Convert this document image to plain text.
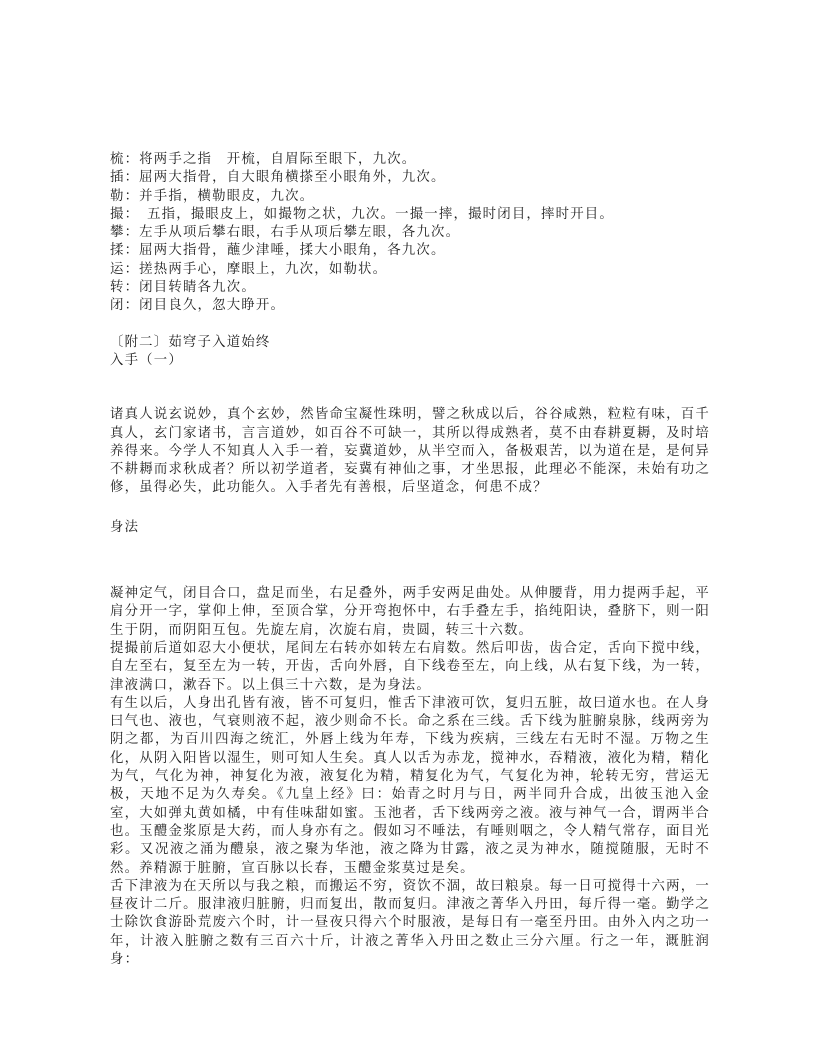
梳：将两手之指　开梳，自眉际至眼下，九次。
插：屈两大指骨，自大眼角横搽至小眼角外，九次。
勒：并手指，横勒眼皮，九次。
撮：　五指，撮眼皮上，如撮物之状，九次。一撮一摔，撮时闭目，摔时开目。
攀：左手从项后攀右眼，右手从项后攀左眼，各九次。
揉：屈两大指骨，蘸少津唾，揉大小眼角，各九次。
运：搓热两手心，摩眼上，九次，如勒状。
转：闭目转睛各九次。
闭：闭目良久，忽大睁开。
〔附二〕茹穹子入道始终
入手（一）

诸真人说玄说妙，真个玄妙，然皆命宝凝性珠明，譬之秋成以后，谷谷咸熟，粒粒有味，百千真人，玄门家诸书，言言道妙，如百谷不可缺一，其所以得成熟者，莫不由春耕夏耨，及时培养得来。今学人不知真人入手一着，妄冀道妙，从半空而入，备极艰苦，以为道在是，是何异不耕耨而求秋成者？所以初学道者，妄冀有神仙之事，才坐思报，此理必不能深，未始有功之修，虽得必失，此功能久。入手者先有善根，后坚道念，何患不成？

身法

凝神定气，闭目合口，盘足而坐，右足叠外，两手安两足曲处。从伸腰背，用力提两手起，平肩分开一字，掌仰上伸，至顶合掌，分开弯抱怀中，右手叠左手，掐纯阳诀，叠脐下，则一阳生于阴，而阴阳互包。先旋左肩，次旋右肩，贵圆，转三十六数。

提撮前后道如忍大小便状，尾间左右转亦如转左右肩数。然后叩齿，齿合定，舌向下搅中线，自左至右，复至左为一转，开齿，舌向外唇，自下线卷至左，向上线，从右复下线，为一转，津液满口，漱吞下。以上俱三十六数，是为身法。

有生以后，人身出孔皆有液，皆不可复归，惟舌下津液可饮，复归五脏，故曰道水也。在人身曰气也、液也，气衰则液不起，液少则命不长。命之系在三线。舌下线为脏腑泉脉，线两旁为阴之都，为百川四海之统汇，外唇上线为年寿，下线为疾病，三线左右无时不湿。万物之生化，从阴入阳皆以湿生，则可知人生矣。真人以舌为赤龙，搅神水，吞精液，液化为精，精化为气，气化为神，神复化为液，液复化为精，精复化为气，气复化为神，轮转无穷，营运无极，天地不足为久寿矣。《九皇上经》曰：始青之时月与日，两半同升合成，出彼玉池入金室，大如弹丸黄如橘，中有佳味甜如蜜。玉池者，舌下线两旁之液。液与神气一合，谓两半合也。玉醴金浆原是大药，而人身亦有之。假如习不唾法，有唾则咽之，令人精气常存，面目光彩。又况液之涌为醴泉，液之聚为华池，液之降为甘露，液之灵为神水，随搅随服，无时不然。养精源于脏腑，宣百脉以长春，玉醴金浆莫过是矣。

舌下津液为在天所以与我之粮，而搬运不穷，资饮不涸，故曰粮泉。每一日可搅得十六两，一昼夜计二斤。服津液归脏腑，归而复出，散而复归。津液之菁华入丹田，每斤得一毫。勤学之士除饮食游卧荒废六个时，计一昼夜只得六个时服液，是每日有一毫至丹田。由外入内之功一年，计液入脏腑之数有三百六十斤，计液之菁华入丹田之数止三分六厘。行之一年，溉脏润身：
